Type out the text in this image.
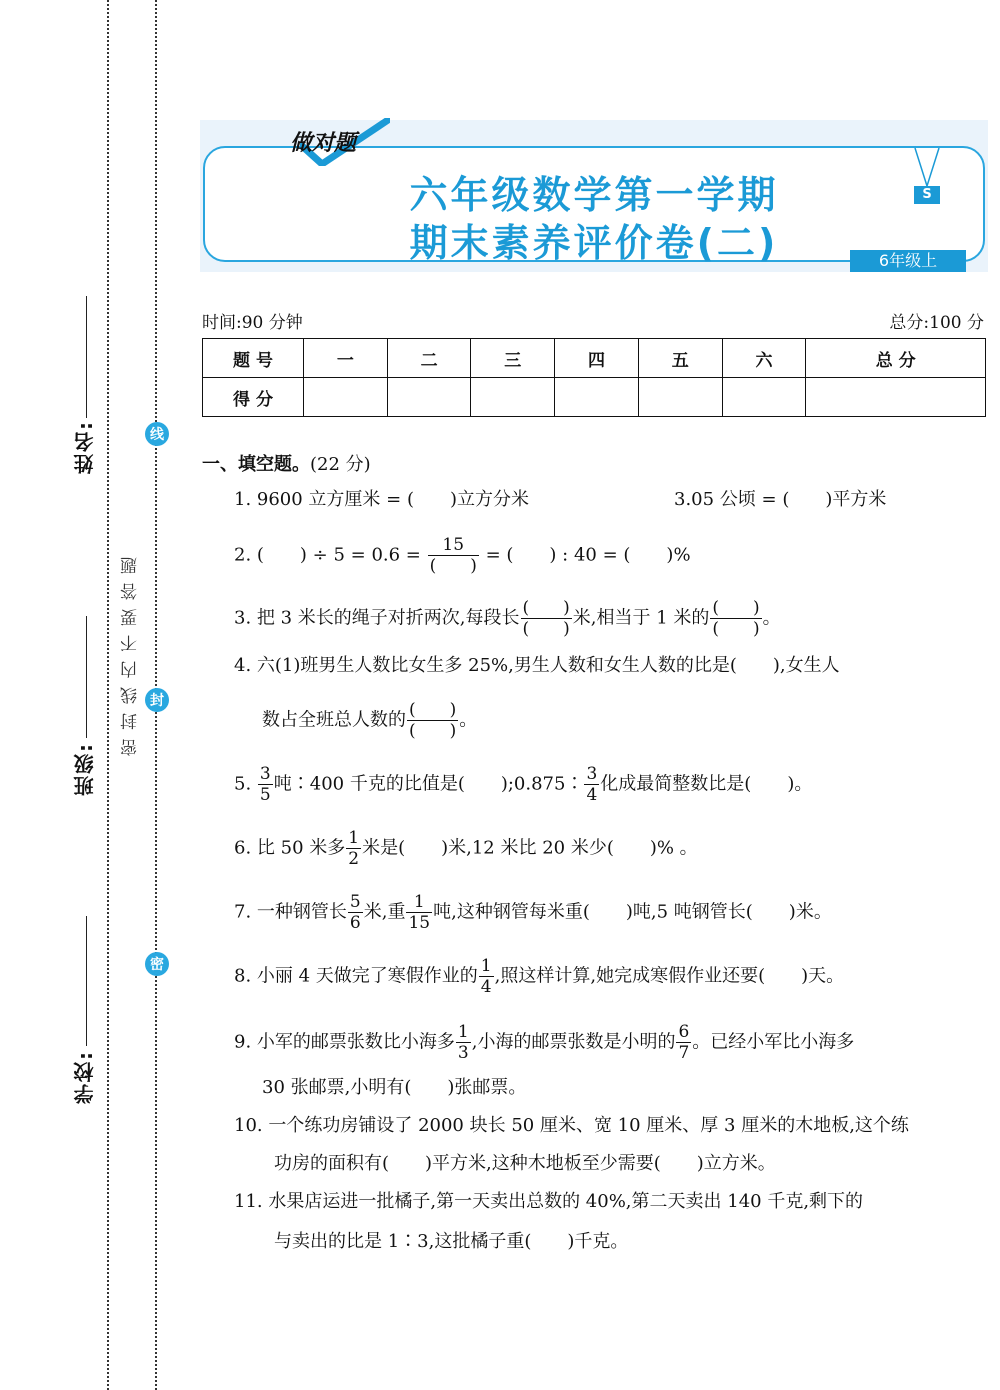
姓名:
班级:
学校:
线
封
密
密封线内不要答题
做对题
六年级数学第一学期
期末素养评价卷(二)
S
6年级上
时间:90 分钟	总分:100 分
题 号	一	二	三	四	五	六	总 分
得 分							
一、填空题。(22 分)
1. 9600 立方厘米 = (　　)立方分米	3.05 公顷 = (　　)平方米
2. (　　) ÷ $5 = 0.6 = \frac{15}{( )}$ = (　　) : 40 = (　　)%
3. 把 3 米长的绳子对折两次,每段长 $\frac{( )}{( )}$ 米,相当于 1 米的 $\frac{( )}{( )}$ 。
4. 六(1)班男生人数比女生多 25%,男生人数和女生人数的比是(　　),女生人
数占全班总人数的 $\frac{( )}{( )}$ 。
5. $\frac{3}{5}$ 吨∶400 千克的比值是(　　);0.875∶ $\frac{3}{4}$ 化成最简整数比是(　　)。
6. 比 50 米多 $\frac{1}{2}$ 米是(　　)米,12 米比 20 米少(　　)% 。
7. 一种钢管长 $\frac{5}{6}$ 米,重 $\frac{1}{15}$ 吨,这种钢管每米重(　　)吨,5 吨钢管长(　　)米。
8. 小丽 4 天做完了寒假作业的 $\frac{1}{4}$ ,照这样计算,她完成寒假作业还要(　　)天。
9. 小军的邮票张数比小海多 $\frac{1}{3}$ ,小海的邮票张数是小明的 $\frac{6}{7}$ 。已经小军比小海多
30 张邮票,小明有(　　)张邮票。
10. 一个练功房铺设了 2000 块长 50 厘米、宽 10 厘米、厚 3 厘米的木地板,这个练
功房的面积有(　　)平方米,这种木地板至少需要(　　)立方米。
11. 水果店运进一批橘子,第一天卖出总数的 40%,第二天卖出 140 千克,剩下的
与卖出的比是 1∶3,这批橘子重(　　)千克。
